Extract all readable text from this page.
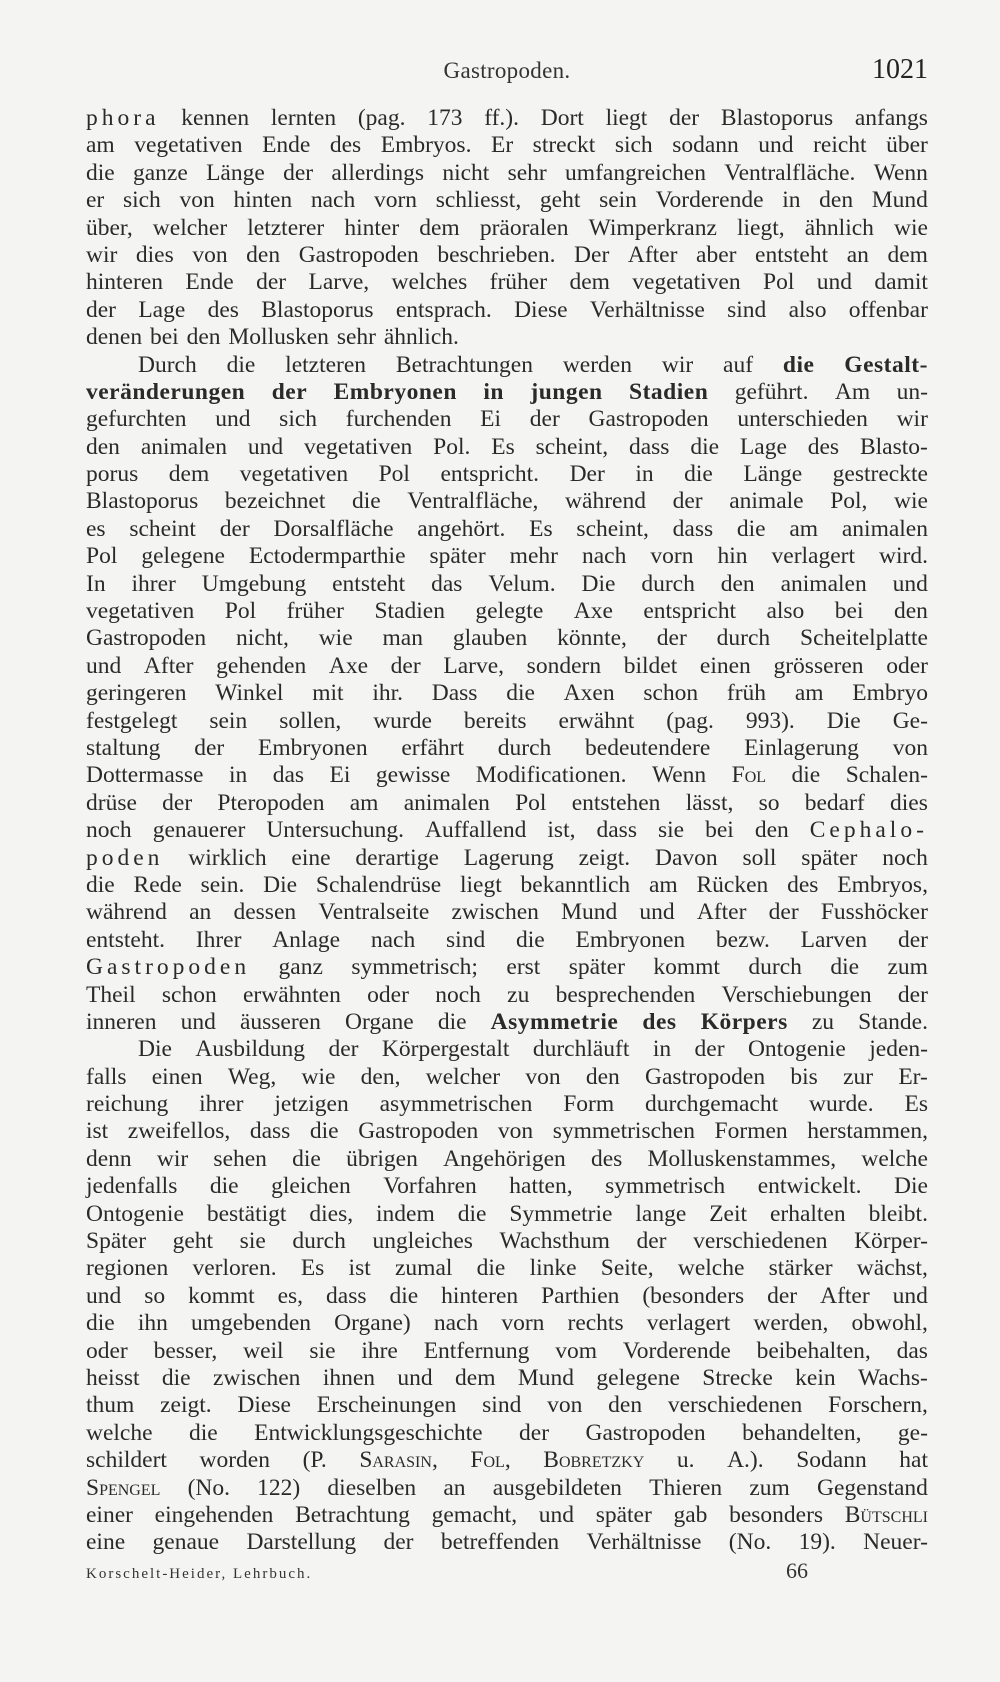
Gastropoden.	1021
phora kennen lernten (pag. 173 ff.). Dort liegt der Blastoporus anfangs
am vegetativen Ende des Embryos. Er streckt sich sodann und reicht über
die ganze Länge der allerdings nicht sehr umfangreichen Ventralfläche. Wenn
er sich von hinten nach vorn schliesst, geht sein Vorderende in den Mund
über, welcher letzterer hinter dem präoralen Wimperkranz liegt, ähnlich wie
wir dies von den Gastropoden beschrieben. Der After aber entsteht an dem
hinteren Ende der Larve, welches früher dem vegetativen Pol und damit
der Lage des Blastoporus entsprach. Diese Verhältnisse sind also offenbar
denen
bei
den
Mollusken
sehr
ähnlich.
Durch die letzteren Betrachtungen werden wir auf die Gestalt-
veränderungen der Embryonen in jungen Stadien geführt. Am un-
gefurchten und sich furchenden Ei der Gastropoden unterschieden wir
den animalen und vegetativen Pol. Es scheint, dass die Lage des Blasto-
porus dem vegetativen Pol entspricht. Der in die Länge gestreckte
Blastoporus bezeichnet die Ventralfläche, während der animale Pol, wie
es scheint der Dorsalfläche angehört. Es scheint, dass die am animalen
Pol gelegene Ectodermparthie später mehr nach vorn hin verlagert wird.
In ihrer Umgebung entsteht das Velum. Die durch den animalen und
vegetativen Pol früher Stadien gelegte Axe entspricht also bei den
Gastropoden nicht, wie man glauben könnte, der durch Scheitelplatte
und After gehenden Axe der Larve, sondern bildet einen grösseren oder
geringeren Winkel mit ihr. Dass die Axen schon früh am Embryo
festgelegt sein sollen, wurde bereits erwähnt (pag. 993). Die Ge-
staltung der Embryonen erfährt durch bedeutendere Einlagerung von
Dottermasse in das Ei gewisse Modificationen. Wenn Fol die Schalen-
drüse der Pteropoden am animalen Pol entstehen lässt, so bedarf dies
noch genauerer Untersuchung. Auffallend ist, dass sie bei den Cephalo-
poden wirklich eine derartige Lagerung zeigt. Davon soll später noch
die Rede sein. Die Schalendrüse liegt bekanntlich am Rücken des Embryos,
während an dessen Ventralseite zwischen Mund und After der Fusshöcker
entsteht. Ihrer Anlage nach sind die Embryonen bezw. Larven der
Gastropoden ganz symmetrisch; erst später kommt durch die zum
Theil schon erwähnten oder noch zu besprechenden Verschiebungen der
inneren und äusseren Organe die Asymmetrie des Körpers zu Stande.
Die Ausbildung der Körpergestalt durchläuft in der Ontogenie jeden-
falls einen Weg, wie den, welcher von den Gastropoden bis zur Er-
reichung ihrer jetzigen asymmetrischen Form durchgemacht wurde. Es
ist zweifellos, dass die Gastropoden von symmetrischen Formen herstammen,
denn wir sehen die übrigen Angehörigen des Molluskenstammes, welche
jedenfalls die gleichen Vorfahren hatten, symmetrisch entwickelt. Die
Ontogenie bestätigt dies, indem die Symmetrie lange Zeit erhalten bleibt.
Später geht sie durch ungleiches Wachsthum der verschiedenen Körper-
regionen verloren. Es ist zumal die linke Seite, welche stärker wächst,
und so kommt es, dass die hinteren Parthien (besonders der After und
die ihn umgebenden Organe) nach vorn rechts verlagert werden, obwohl,
oder besser, weil sie ihre Entfernung vom Vorderende beibehalten, das
heisst die zwischen ihnen und dem Mund gelegene Strecke kein Wachs-
thum zeigt. Diese Erscheinungen sind von den verschiedenen Forschern,
welche die Entwicklungsgeschichte der Gastropoden behandelten, ge-
schildert worden (P. Sarasin, Fol, Bobretzky u. A.). Sodann hat
Spengel (No. 122) dieselben an ausgebildeten Thieren zum Gegenstand
einer eingehenden Betrachtung gemacht, und später gab besonders Bütschli
eine genaue Darstellung der betreffenden Verhältnisse (No. 19). Neuer-
Korschelt-Heider, Lehrbuch.	66
